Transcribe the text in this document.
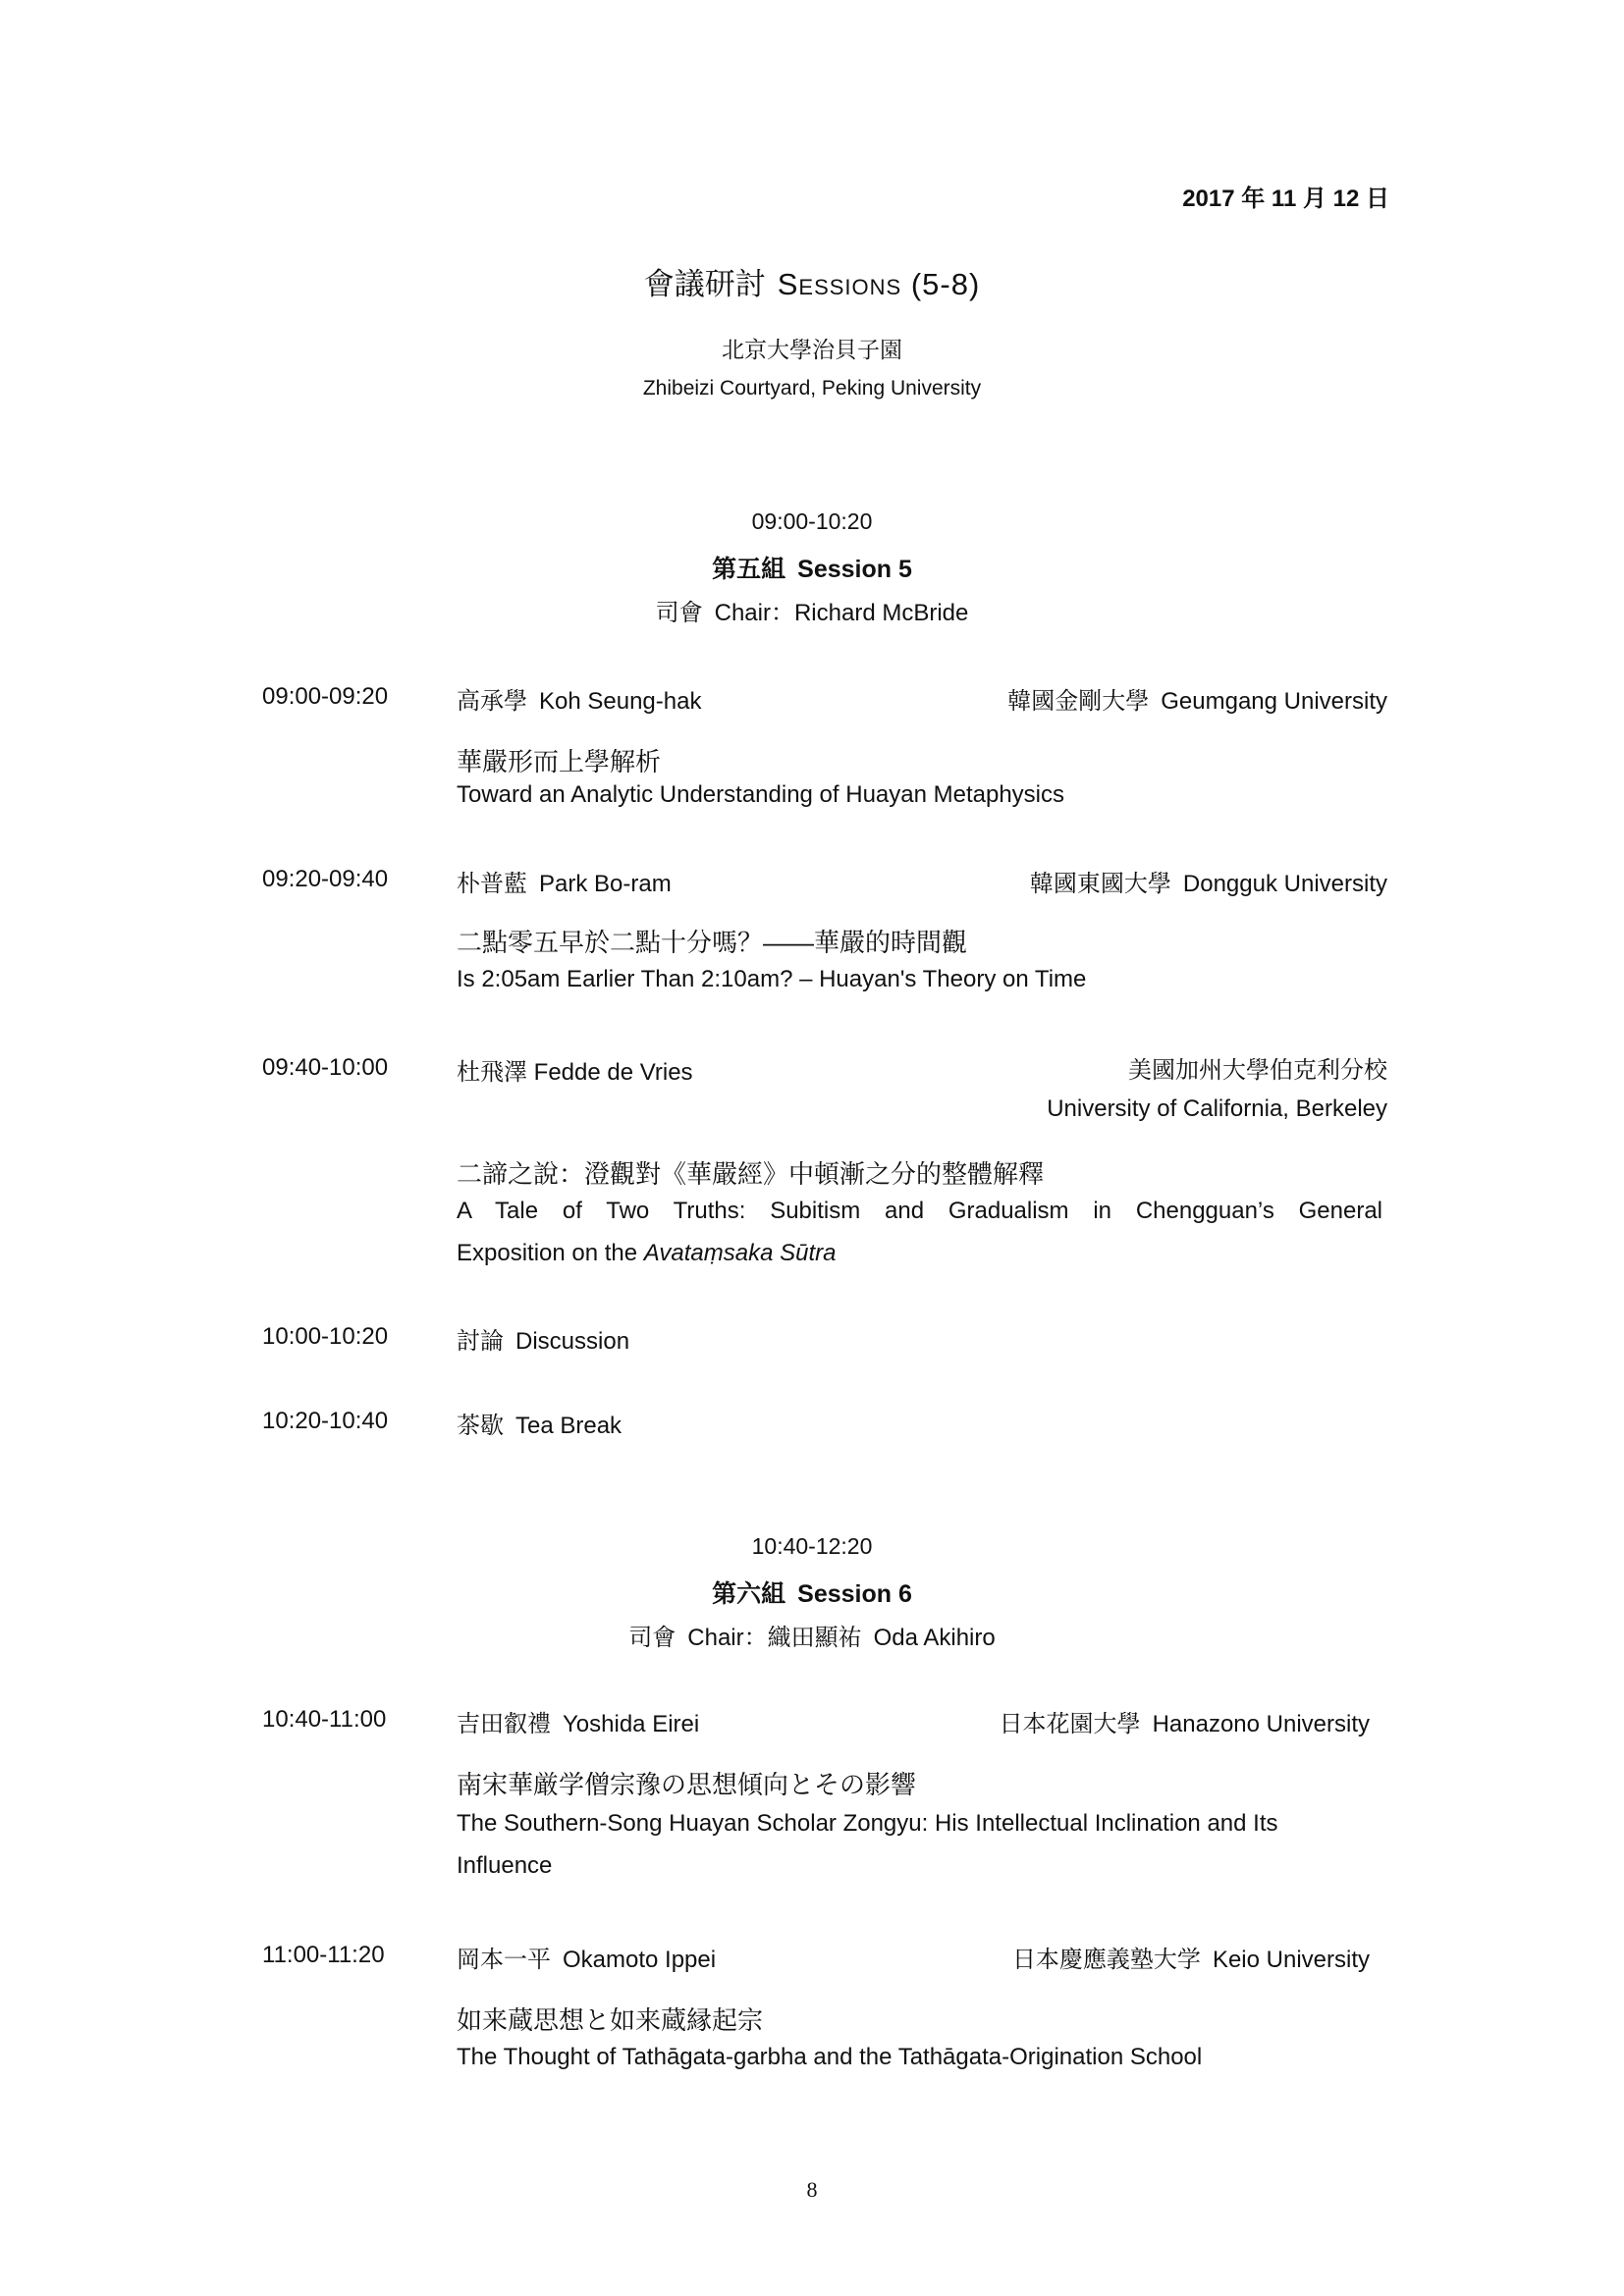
2017 年 11 月 12 日
會議研討 Sessions (5-8)
北京大學治貝子園
Zhibeizi Courtyard, Peking University
09:00-10:20
第五組 Session 5
司會 Chair：Richard McBride
09:00-09:20	高承學 Koh Seung-hak	韓國金剛大學 Geumgang University
華嚴形而上學解析
Toward an Analytic Understanding of Huayan Metaphysics
09:20-09:40	朴普藍 Park Bo-ram	韓國東國大學 Dongguk University
二點零五早於二點十分嗎？——華嚴的時間觀
Is 2:05am Earlier Than 2:10am? – Huayan's Theory on Time
09:40-10:00	杜飛澤 Fedde de Vries	美國加州大學伯克利分校
University of California, Berkeley
二諦之說：澄觀對《華嚴經》中頓漸之分的整體解釋
A Tale of Two Truths: Subitism and Gradualism in Chengguan’s General
Exposition on the Avataṃsaka Sūtra
10:00-10:20	討論 Discussion
10:20-10:40	茶歇 Tea Break
10:40-12:20
第六組 Session 6
司會 Chair：織田顯祐 Oda Akihiro
10:40-11:00	吉田叡禮 Yoshida Eirei	日本花園大學 Hanazono University
南宋華厳学僧宗豫の思想傾向とその影響
The Southern-Song Huayan Scholar Zongyu: His Intellectual Inclination and Its Influence
11:00-11:20	岡本一平 Okamoto Ippei	日本慶應義塾大学 Keio University
如来蔵思想と如来蔵縁起宗
The Thought of Tathāgata-garbha and the Tathāgata-Origination School
8
